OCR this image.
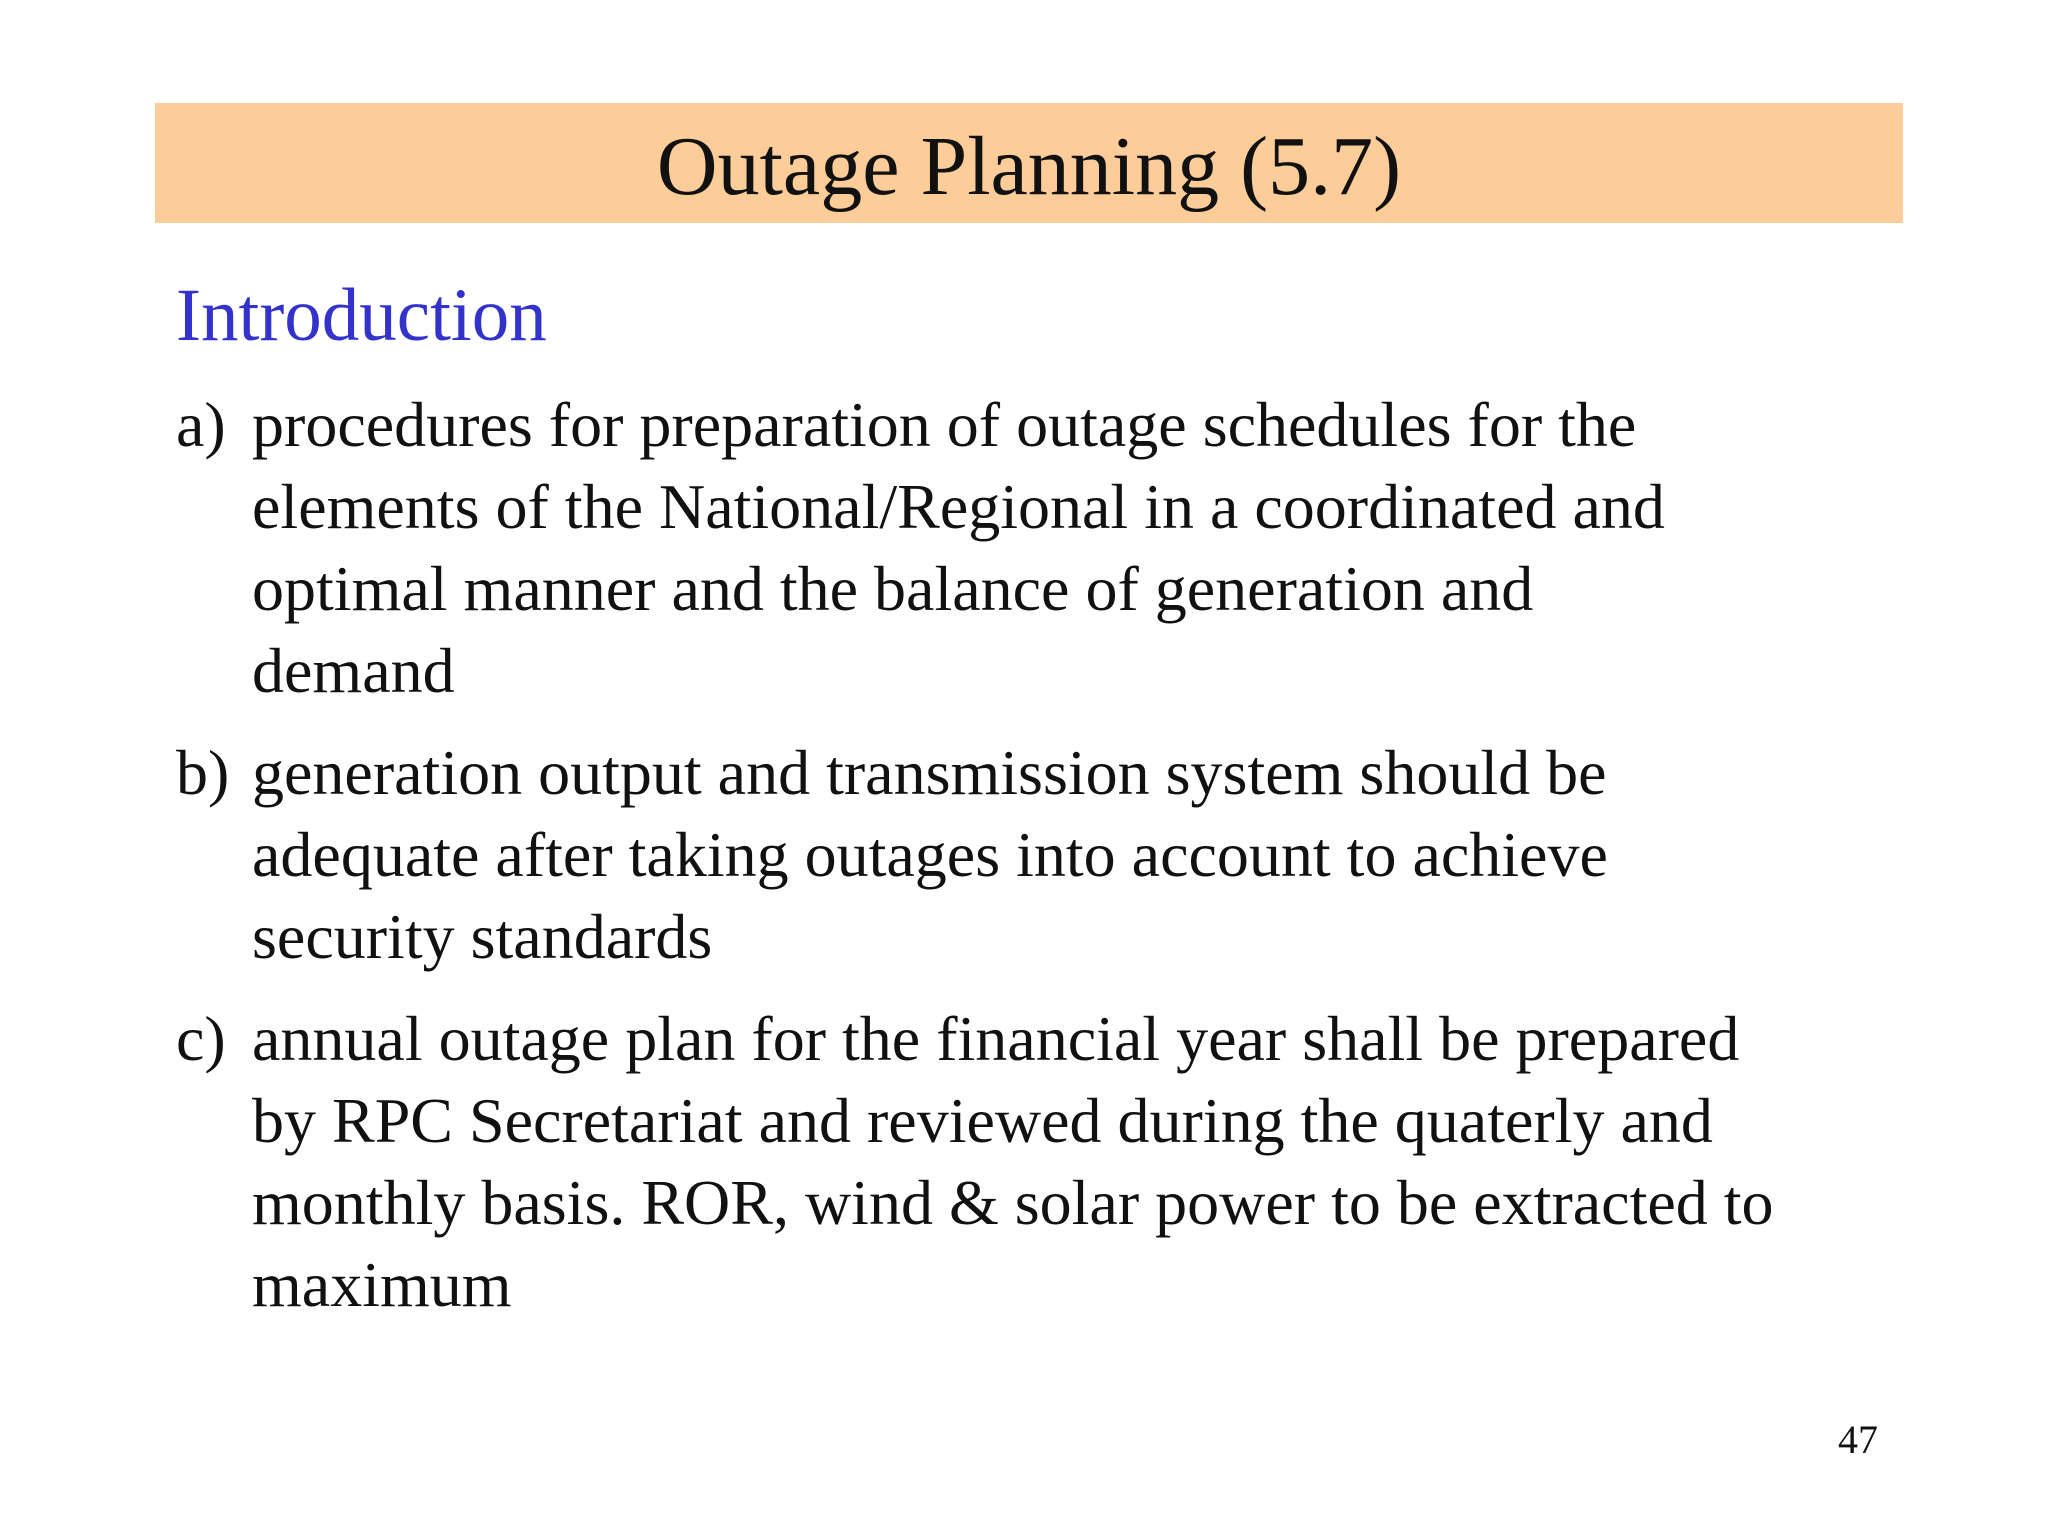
Outage Planning (5.7)
Introduction
a) procedures for preparation of outage schedules for the
elements of the National/Regional in a coordinated and
optimal manner and the balance of generation and
demand
b) generation output and transmission system should be
adequate after taking outages into account to achieve
security standards
c) annual outage plan for the financial year shall be prepared
by RPC Secretariat and reviewed during the quaterly and
monthly basis. ROR, wind & solar power to be extracted to
maximum
47
